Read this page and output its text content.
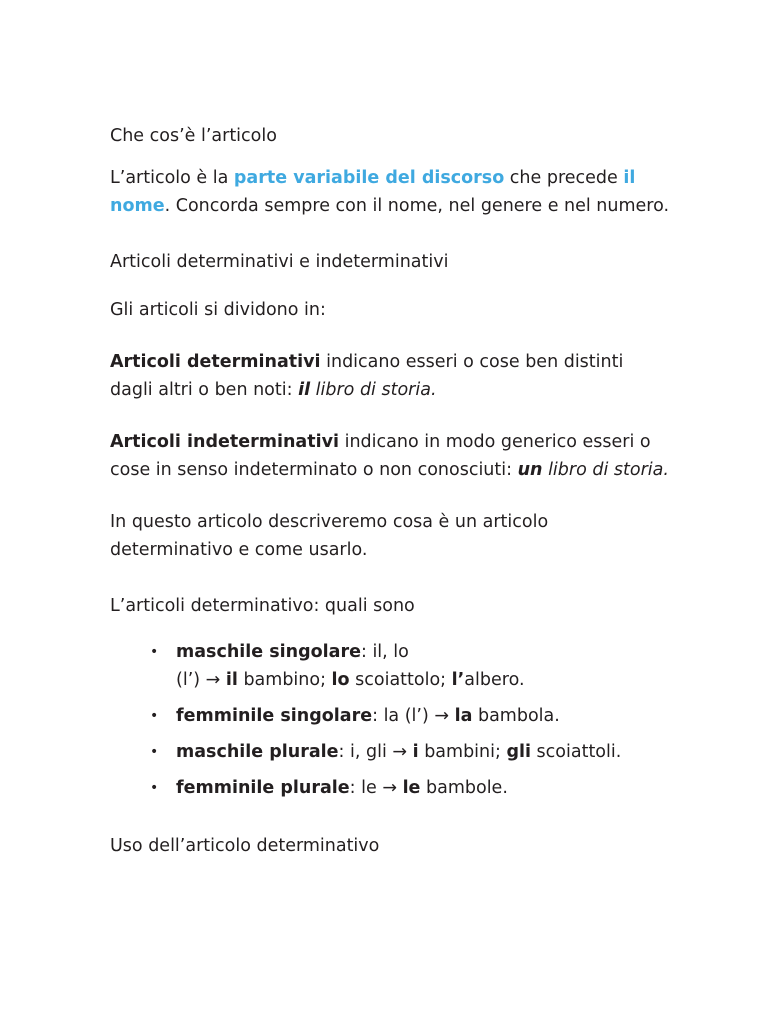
Che cos’è l’articolo

L’articolo è la parte variabile del discorso che precede il nome. Concorda sempre con il nome, nel genere e nel numero.

Articoli determinativi e indeterminativi

Gli articoli si dividono in:

Articoli determinativi indicano esseri o cose ben distinti dagli altri o ben noti: il libro di storia.

Articoli indeterminativi indicano in modo generico esseri o cose in senso indeterminato o non conosciuti: un libro di storia.

In questo articolo descriveremo cosa è un articolo determinativo e come usarlo.

L’articoli determinativo: quali sono
• maschile singolare: il, lo
(l’) → il bambino; lo scoiattolo; l’albero.
• femminile singolare: la (l’) → la bambola.
• maschile plurale: i, gli → i bambini; gli scoiattoli.
• femminile plurale: le → le bambole.
Uso dell’articolo determinativo
